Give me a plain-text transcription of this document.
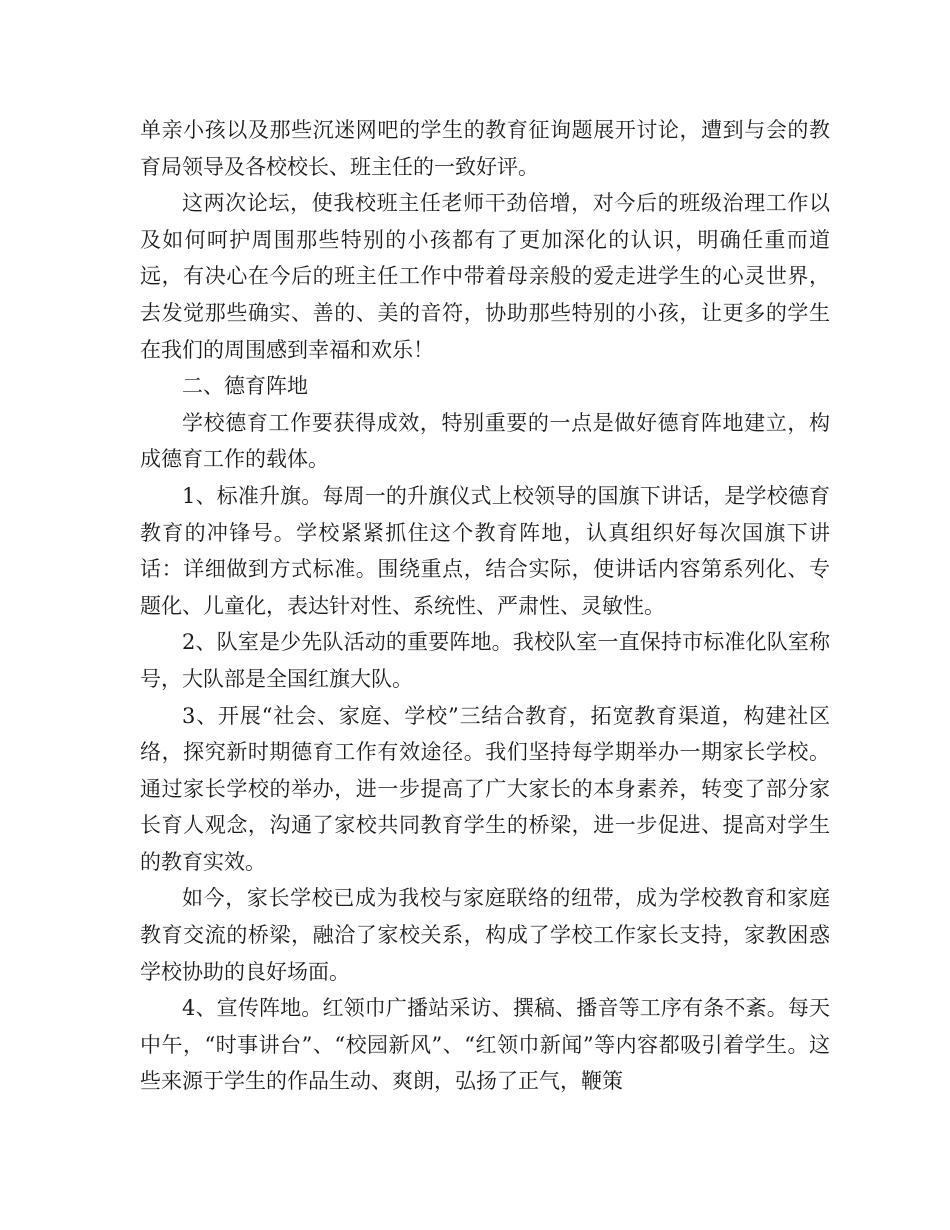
单亲小孩以及那些沉迷网吧的学生的教育征询题展开讨论，遭到与会的教育局领导及各校校长、班主任的一致好评。

这两次论坛，使我校班主任老师干劲倍增，对今后的班级治理工作以及如何呵护周围那些特别的小孩都有了更加深化的认识，明确任重而道远，有决心在今后的班主任工作中带着母亲般的爱走进学生的心灵世界，去发觉那些确实、善的、美的音符，协助那些特别的小孩，让更多的学生在我们的周围感到幸福和欢乐！

二、德育阵地

学校德育工作要获得成效，特别重要的一点是做好德育阵地建立，构成德育工作的载体。

1、标准升旗。每周一的升旗仪式上校领导的国旗下讲话，是学校德育教育的冲锋号。学校紧紧抓住这个教育阵地，认真组织好每次国旗下讲话：详细做到方式标准。围绕重点，结合实际，使讲话内容第系列化、专题化、儿童化，表达针对性、系统性、严肃性、灵敏性。

2、队室是少先队活动的重要阵地。我校队室一直保持市标准化队室称号，大队部是全国红旗大队。

3、开展“社会、家庭、学校”三结合教育，拓宽教育渠道，构建社区络，探究新时期德育工作有效途径。我们坚持每学期举办一期家长学校。通过家长学校的举办，进一步提高了广大家长的本身素养，转变了部分家长育人观念，沟通了家校共同教育学生的桥梁，进一步促进、提高对学生的教育实效。

如今，家长学校已成为我校与家庭联络的纽带，成为学校教育和家庭教育交流的桥梁，融洽了家校关系，构成了学校工作家长支持，家教困惑学校协助的良好场面。

4、宣传阵地。红领巾广播站采访、撰稿、播音等工序有条不紊。每天中午，“时事讲台”、“校园新风”、“红领巾新闻”等内容都吸引着学生。这些来源于学生的作品生动、爽朗，弘扬了正气，鞭策
